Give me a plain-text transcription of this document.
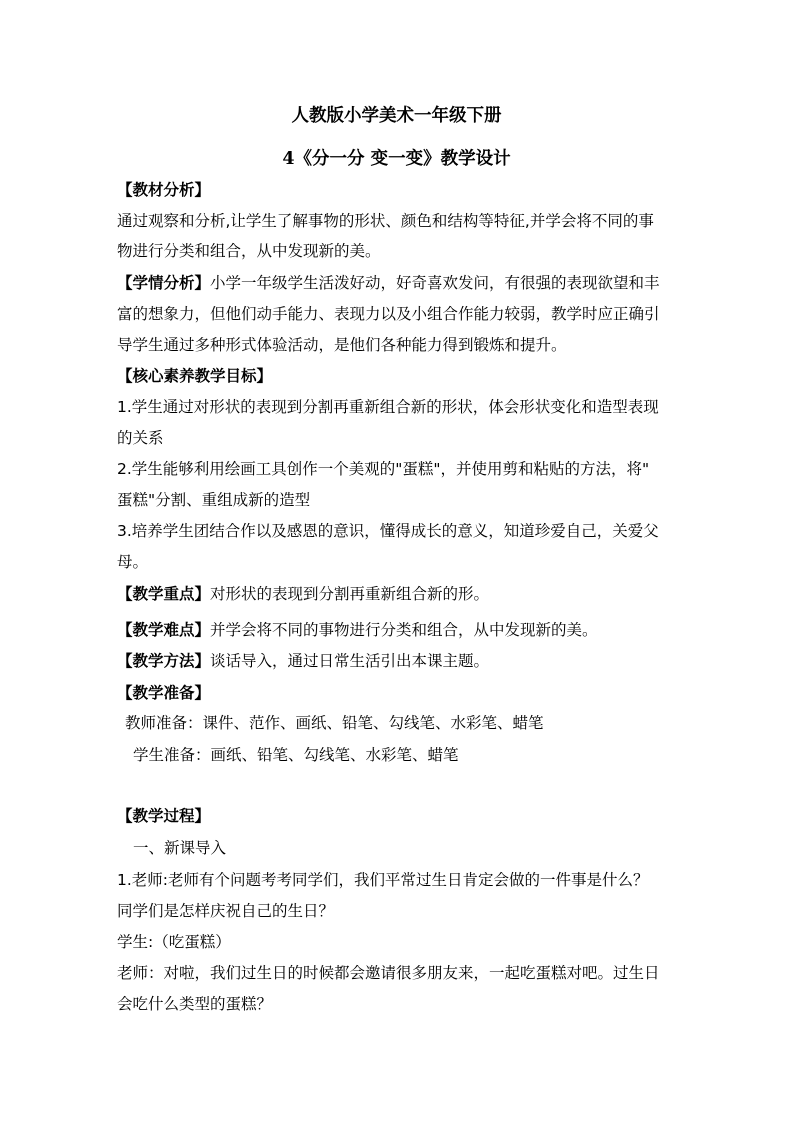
人教版小学美术一年级下册
4《分一分 变一变》教学设计
【教材分析】
通过观察和分析,让学生了解事物的形状、颜色和结构等特征,并学会将不同的事
物进行分类和组合，从中发现新的美。
【学情分析】小学一年级学生活泼好动，好奇喜欢发问，有很强的表现欲望和丰
富的想象力，但他们动手能力、表现力以及小组合作能力较弱，教学时应正确引
导学生通过多种形式体验活动，是他们各种能力得到锻炼和提升。
【核心素养教学目标】
1.学生通过对形状的表现到分割再重新组合新的形状，体会形状变化和造型表现
的关系
2.学生能够利用绘画工具创作一个美观的"蛋糕"，并使用剪和粘贴的方法，将"
蛋糕"分割、重组成新的造型
3.培养学生团结合作以及感恩的意识，懂得成长的意义，知道珍爱自己，关爱父
母。
【教学重点】对形状的表现到分割再重新组合新的形。
【教学难点】并学会将不同的事物进行分类和组合，从中发现新的美。
【教学方法】谈话导入，通过日常生活引出本课主题。
【教学准备】
教师准备：课件、范作、画纸、铅笔、勾线笔、水彩笔、蜡笔
学生准备：画纸、铅笔、勾线笔、水彩笔、蜡笔
【教学过程】
一、新课导入
1.老师:老师有个问题考考同学们，我们平常过生日肯定会做的一件事是什么？
同学们是怎样庆祝自己的生日？
学生:（吃蛋糕）
老师：对啦，我们过生日的时候都会邀请很多朋友来，一起吃蛋糕对吧。过生日
会吃什么类型的蛋糕？
